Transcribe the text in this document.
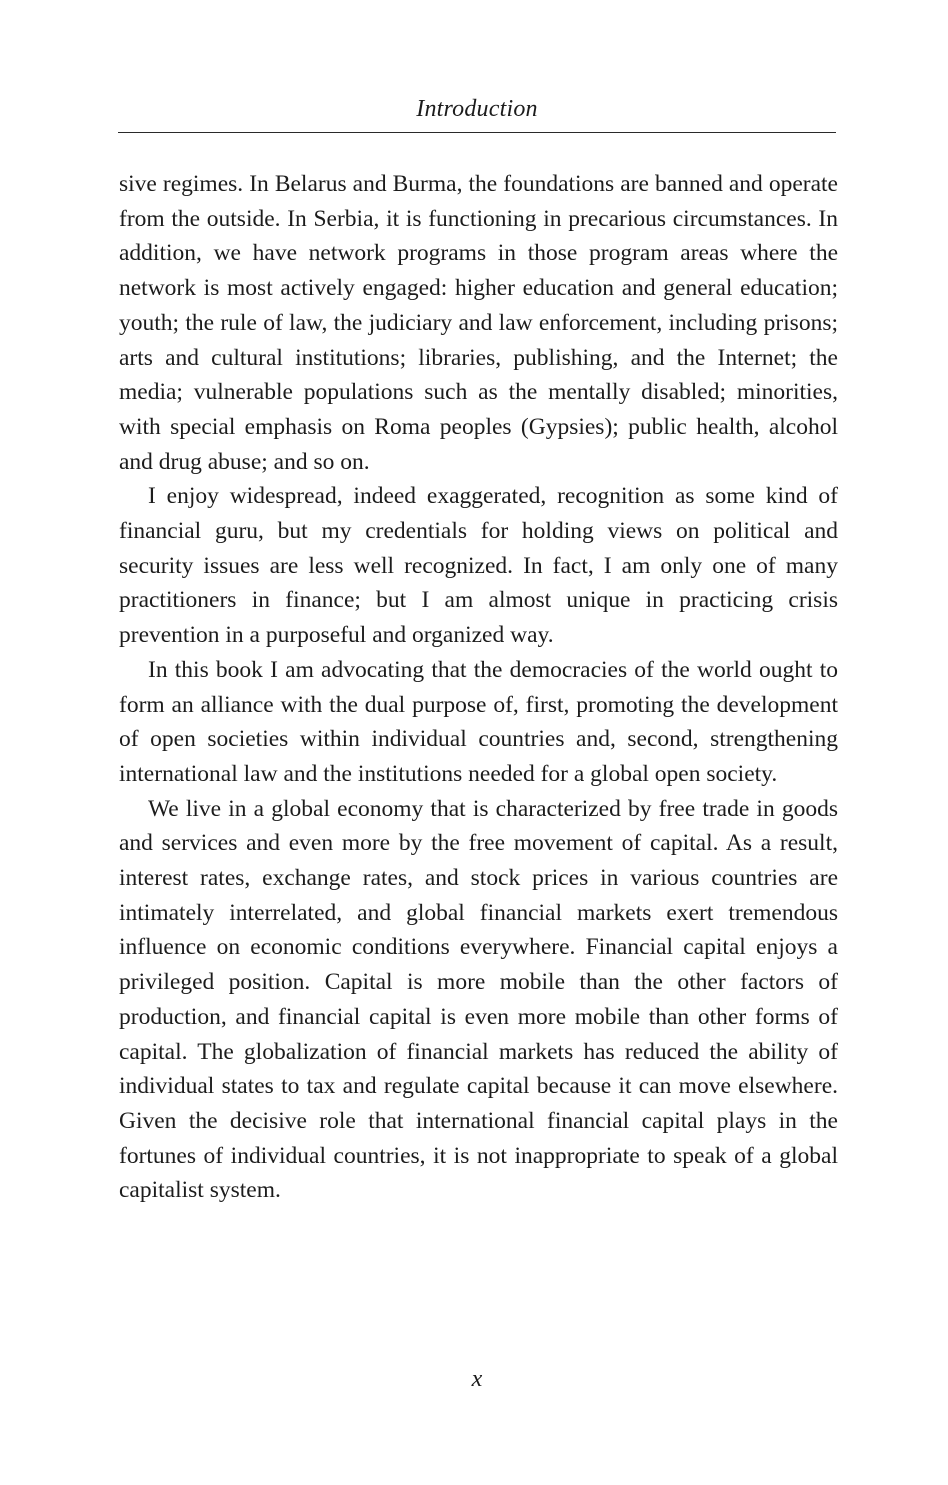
Introduction

sive regimes. In Belarus and Burma, the foundations are banned and operate from the outside. In Serbia, it is functioning in precarious circumstances. In addition, we have network programs in those program areas where the network is most actively engaged: higher education and general education; youth; the rule of law, the judiciary and law enforcement, including prisons; arts and cultural institutions; libraries, publishing, and the Internet; the media; vulnerable populations such as the mentally disabled; minorities, with special emphasis on Roma peoples (Gypsies); public health, alcohol and drug abuse; and so on.

I enjoy widespread, indeed exaggerated, recognition as some kind of financial guru, but my credentials for holding views on political and security issues are less well recognized. In fact, I am only one of many practitioners in finance; but I am almost unique in practicing crisis prevention in a purposeful and organized way.

In this book I am advocating that the democracies of the world ought to form an alliance with the dual purpose of, first, promoting the development of open societies within individual countries and, second, strengthening international law and the institutions needed for a global open society.

We live in a global economy that is characterized by free trade in goods and services and even more by the free movement of capital. As a result, interest rates, exchange rates, and stock prices in various countries are intimately interrelated, and global financial markets exert tremendous influence on economic conditions everywhere. Financial capital enjoys a privileged position. Capital is more mobile than the other factors of production, and financial capital is even more mobile than other forms of capital. The globalization of financial markets has reduced the ability of individual states to tax and regulate capital because it can move elsewhere. Given the decisive role that international financial capital plays in the fortunes of individual countries, it is not inappropriate to speak of a global capitalist system.

x
